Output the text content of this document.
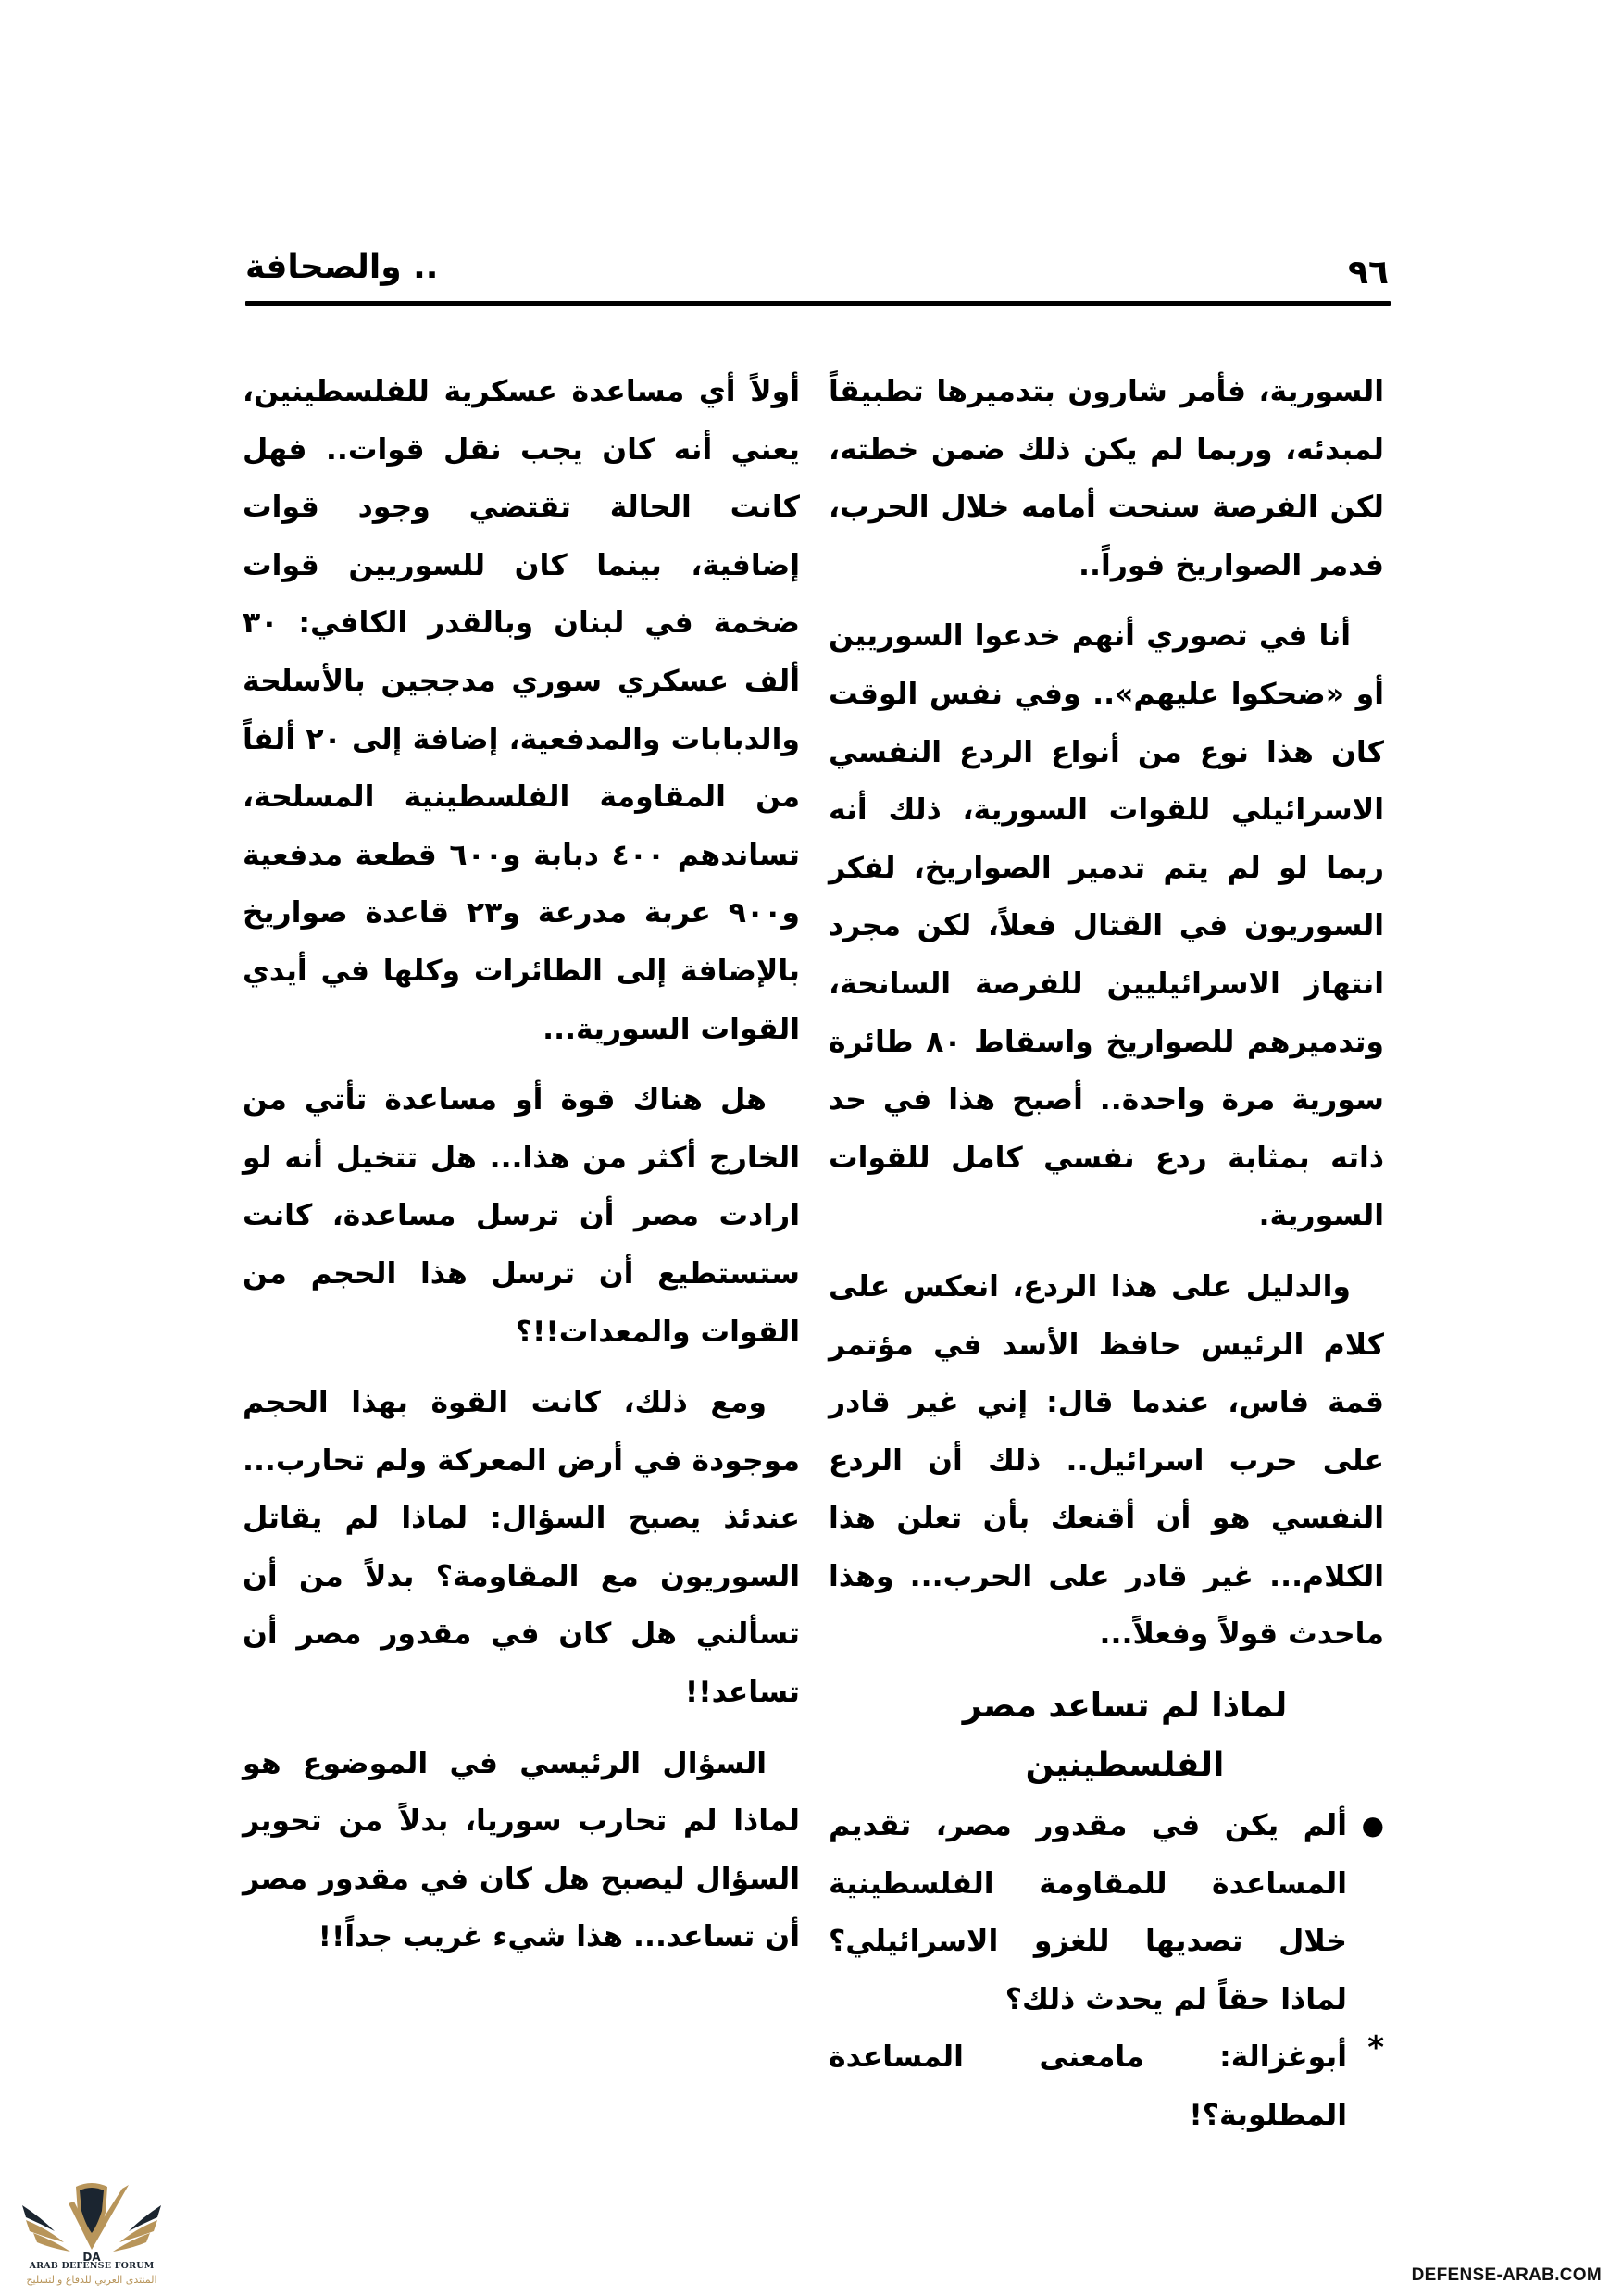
.. والصحافة	٩٦

السورية، فأمر شارون بتدميرها تطبيقاً لمبدئه، وربما لم يكن ذلك ضمن خطته، لكن الفرصة سنحت أمامه خلال الحرب، فدمر الصواريخ فوراً..

أنا في تصوري أنهم خدعوا السوريين أو «ضحكوا عليهم».. وفي نفس الوقت كان هذا نوع من أنواع الردع النفسي الاسرائيلي للقوات السورية، ذلك أنه ربما لو لم يتم تدمير الصواريخ، لفكر السوريون في القتال فعلاً، لكن مجرد انتهاز الاسرائيليين للفرصة السانحة، وتدميرهم للصواريخ واسقاط ٨٠ طائرة سورية مرة واحدة.. أصبح هذا في حد ذاته بمثابة ردع نفسي كامل للقوات السورية.

والدليل على هذا الردع، انعكس على كلام الرئيس حافظ الأسد في مؤتمر قمة فاس، عندما قال: إني غير قادر على حرب اسرائيل.. ذلك أن الردع النفسي هو أن أقنعك بأن تعلن هذا الكلام... غير قادر على الحرب... وهذا ماحدث قولاً وفعلاً...

لماذا لم تساعد مصر الفلسطينين

●
ألم يكن في مقدور مصر، تقديم المساعدة للمقاومة الفلسطينية خلال تصديها للغزو الاسرائيلي؟ لماذا حقاً لم يحدث ذلك؟

*
أبوغزالة: مامعنى المساعدة المطلوبة؟!

أولاً أي مساعدة عسكرية للفلسطينين، يعني أنه كان يجب نقل قوات.. فهل كانت الحالة تقتضي وجود قوات إضافية، بينما كان للسوريين قوات ضخمة في لبنان وبالقدر الكافي: ٣٠ ألف عسكري سوري مدججين بالأسلحة والدبابات والمدفعية، إضافة إلى ٢٠ ألفاً من المقاومة الفلسطينية المسلحة، تساندهم ٤٠٠ دبابة و٦٠٠ قطعة مدفعية و٩٠٠ عربة مدرعة و٢٣ قاعدة صواريخ بالإضافة إلى الطائرات وكلها في أيدي القوات السورية...

هل هناك قوة أو مساعدة تأتي من الخارج أكثر من هذا... هل تتخيل أنه لو ارادت مصر أن ترسل مساعدة، كانت ستستطيع أن ترسل هذا الحجم من القوات والمعدات!!؟

ومع ذلك، كانت القوة بهذا الحجم موجودة في أرض المعركة ولم تحارب... عندئذ يصبح السؤال: لماذا لم يقاتل السوريون مع المقاومة؟ بدلاً من أن تسألني هل كان في مقدور مصر أن تساعد!!

السؤال الرئيسي في الموضوع هو لماذا لم تحارب سوريا، بدلاً من تحوير السؤال ليصبح هل كان في مقدور مصر أن تساعد... هذا شيء غريب جداً!!

DA
ARAB DEFENSE FORUM
المنتدى العربي للدفاع والتسليح	DEFENSE-ARAB.COM
